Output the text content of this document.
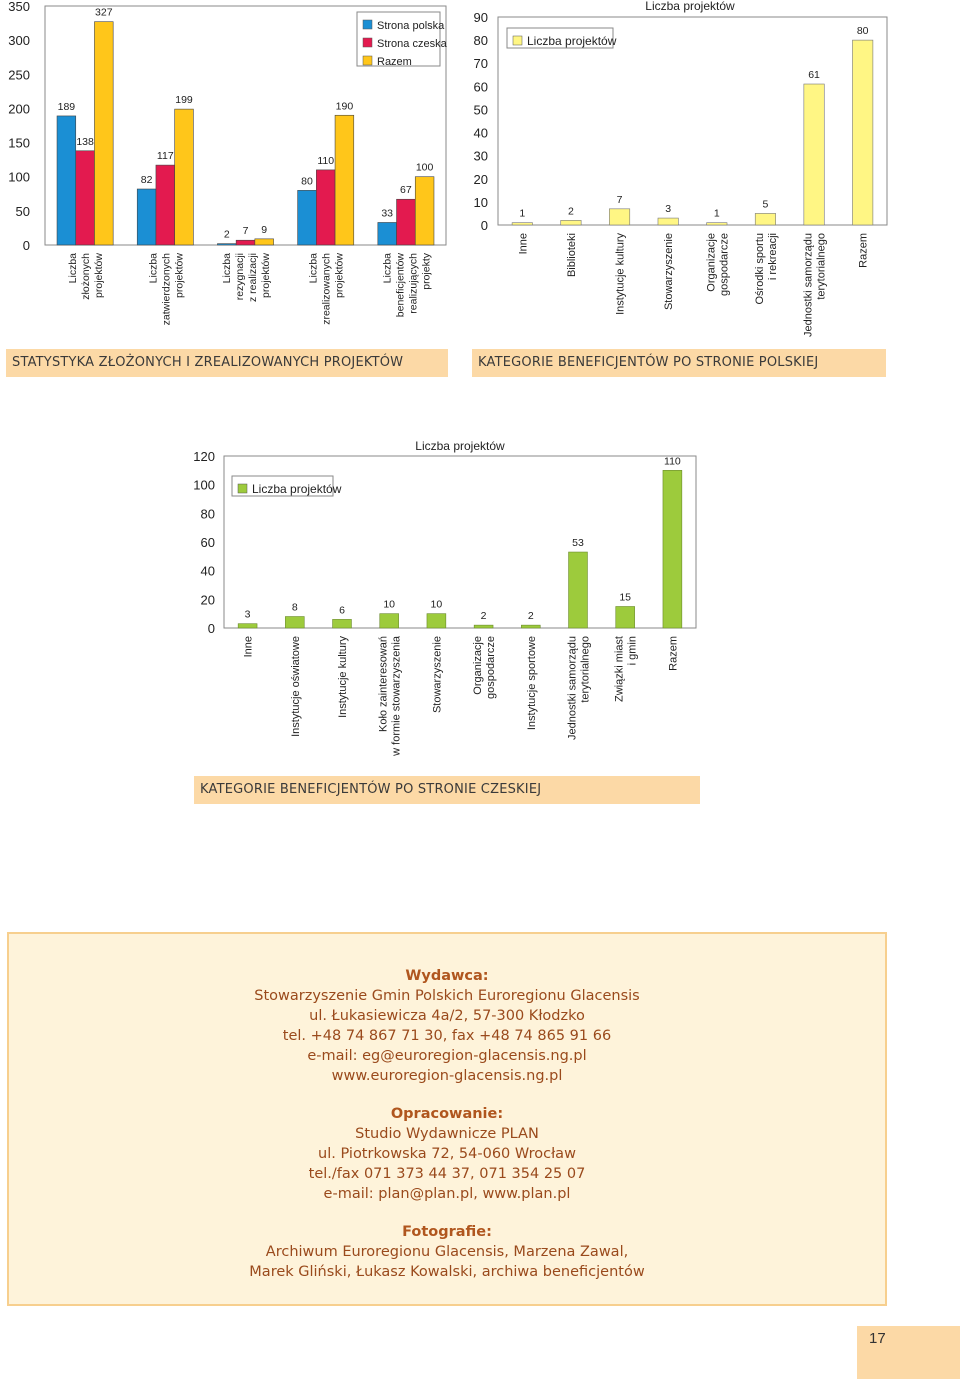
0
50
100
150
200
250
300
350
189
138
327
Liczba złożonych projektów
82
117
199
Liczba zatwierdzonych projektów
2 7 9
Liczba rezygnacji z realizacji projektów
80
110
190
Liczba zrealizowanych projektów
33
67
100
Liczba beneficjentów realizujących projekty
Strona polska
Strona czeska
Razem
0
10
20
30
40
50
60
70
80
90
1
Inne
2
Biblioteki
7
Instytucje kultury
3
Stowarzyszenie
1
Organizacje gospodarcze
5
Ośrodki sportu i rekreacji
61
Jednostki samorządu terytorialnego
80
Razem
Liczba projektów
Liczba projektów
0
20
40
60
80
100
120
3
Inne
8
Instytucje oświatowe
6
Instytucje kultury
10
Koło zainteresowań w formie stowarzyszenia
10
Stowarzyszenie
2
Organizacje gospodarcze
2
Instytucje sportowe
53
Jednostki samorządu terytorialnego
15
Związki miast i gmin
110
Razem
Liczba projektów
Liczba projektów
STATYSTYKA ZŁOŻONYCH I ZREALIZOWANYCH PROJEKTÓW	KATEGORIE BENEFICJENTÓW PO STRONIE POLSKIEJ
KATEGORIE BENEFICJENTÓW PO STRONIE CZESKIEJ
Wydawca:
Stowarzyszenie Gmin Polskich Euroregionu Glacensis
ul. Łukasiewicza 4a/2, 57-300 Kłodzko
tel. +48 74 867 71 30, fax +48 74 865 91 66
e-mail: eg@euroregion-glacensis.ng.pl
www.euroregion-glacensis.ng.pl
Opracowanie:
Studio Wydawnicze PLAN
ul. Piotrkowska 72, 54-060 Wrocław
tel./fax 071 373 44 37, 071 354 25 07
e-mail: plan@plan.pl, www.plan.pl
Fotografie:
Archiwum Euroregionu Glacensis, Marzena Zawal,
Marek Gliński, Łukasz Kowalski, archiwa beneficjentów
17
